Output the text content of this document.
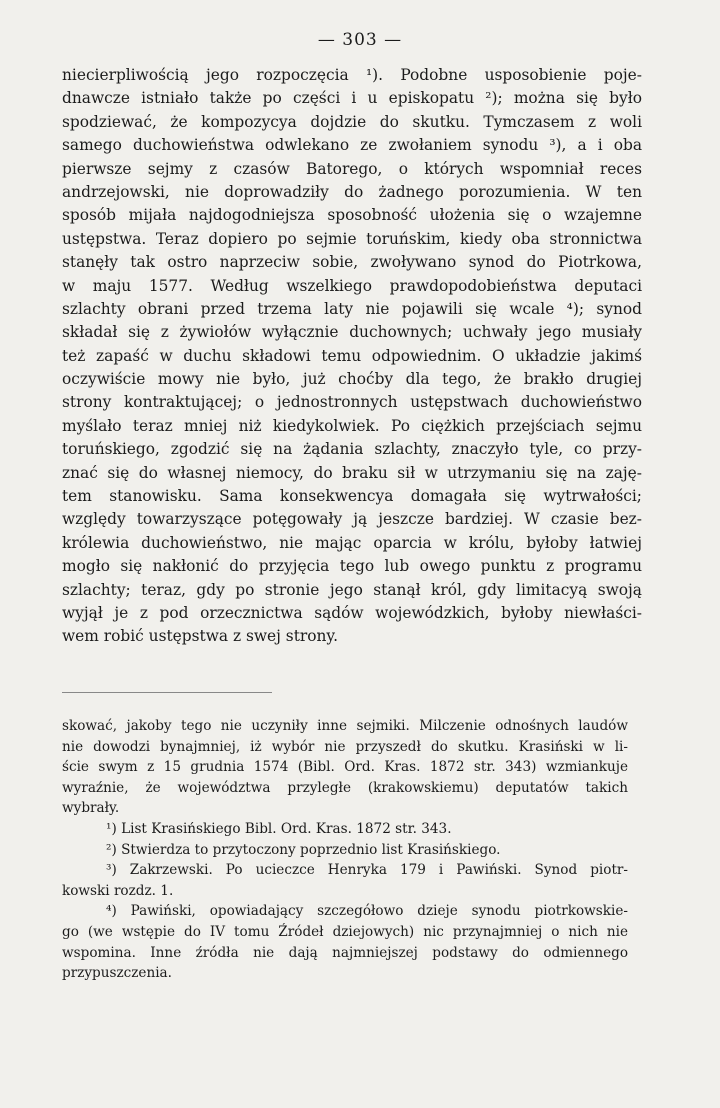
— 303 —
niecierpliwością jego rozpoczęcia ¹). Podobne usposobienie poje-
dnawcze istniało także po części i u episkopatu ²); można się było
spodziewać, że kompozycya dojdzie do skutku. Tymczasem z woli
samego duchowieństwa odwlekano ze zwołaniem synodu ³), a i oba
pierwsze sejmy z czasów Batorego, o których wspomniał reces
andrzejowski, nie doprowadziły do żadnego porozumienia. W ten
sposób mijała najdogodniejsza sposobność ułożenia się o wzajemne
ustępstwa. Teraz dopiero po sejmie toruńskim, kiedy oba stronnictwa
stanęły tak ostro naprzeciw sobie, zwoływano synod do Piotrkowa,
w maju 1577. Według wszelkiego prawdopodobieństwa deputaci
szlachty obrani przed trzema laty nie pojawili się wcale ⁴); synod
składał się z żywiołów wyłącznie duchownych; uchwały jego musiały
też zapaść w duchu składowi temu odpowiednim. O układzie jakimś
oczywiście mowy nie było, już choćby dla tego, że brakło drugiej
strony kontraktującej; o jednostronnych ustępstwach duchowieństwo
myślało teraz mniej niż kiedykolwiek. Po ciężkich przejściach sejmu
toruńskiego, zgodzić się na żądania szlachty, znaczyło tyle, co przy-
znać się do własnej niemocy, do braku sił w utrzymaniu się na zaję-
tem stanowisku. Sama konsekwencya domagała się wytrwałości;
względy towarzyszące potęgowały ją jeszcze bardziej. W czasie bez-
królewia duchowieństwo, nie mając oparcia w królu, byłoby łatwiej
mogło się nakłonić do przyjęcia tego lub owego punktu z programu
szlachty; teraz, gdy po stronie jego stanął król, gdy limitacyą swoją
wyjął je z pod orzecznictwa sądów wojewódzkich, byłoby niewłaści-
wem robić ustępstwa z swej strony.
skować, jakoby tego nie uczyniły inne sejmiki. Milczenie odnośnych laudów
nie dowodzi bynajmniej, iż wybór nie przyszedł do skutku. Krasiński w li-
ście swym z 15 grudnia 1574 (Bibl. Ord. Kras. 1872 str. 343) wzmiankuje
wyraźnie, że województwa przyległe (krakowskiemu) deputatów takich
wybrały.
¹) List Krasińskiego Bibl. Ord. Kras. 1872 str. 343.
²) Stwierdza to przytoczony poprzednio list Krasińskiego.
³) Zakrzewski. Po ucieczce Henryka 179 i Pawiński. Synod piotr-
kowski rozdz. 1.
⁴) Pawiński, opowiadający szczegółowo dzieje synodu piotrkowskie-
go (we wstępie do IV tomu Źródeł dziejowych) nic przynajmniej o nich nie
wspomina. Inne źródła nie dają najmniejszej podstawy do odmiennego
przypuszczenia.
